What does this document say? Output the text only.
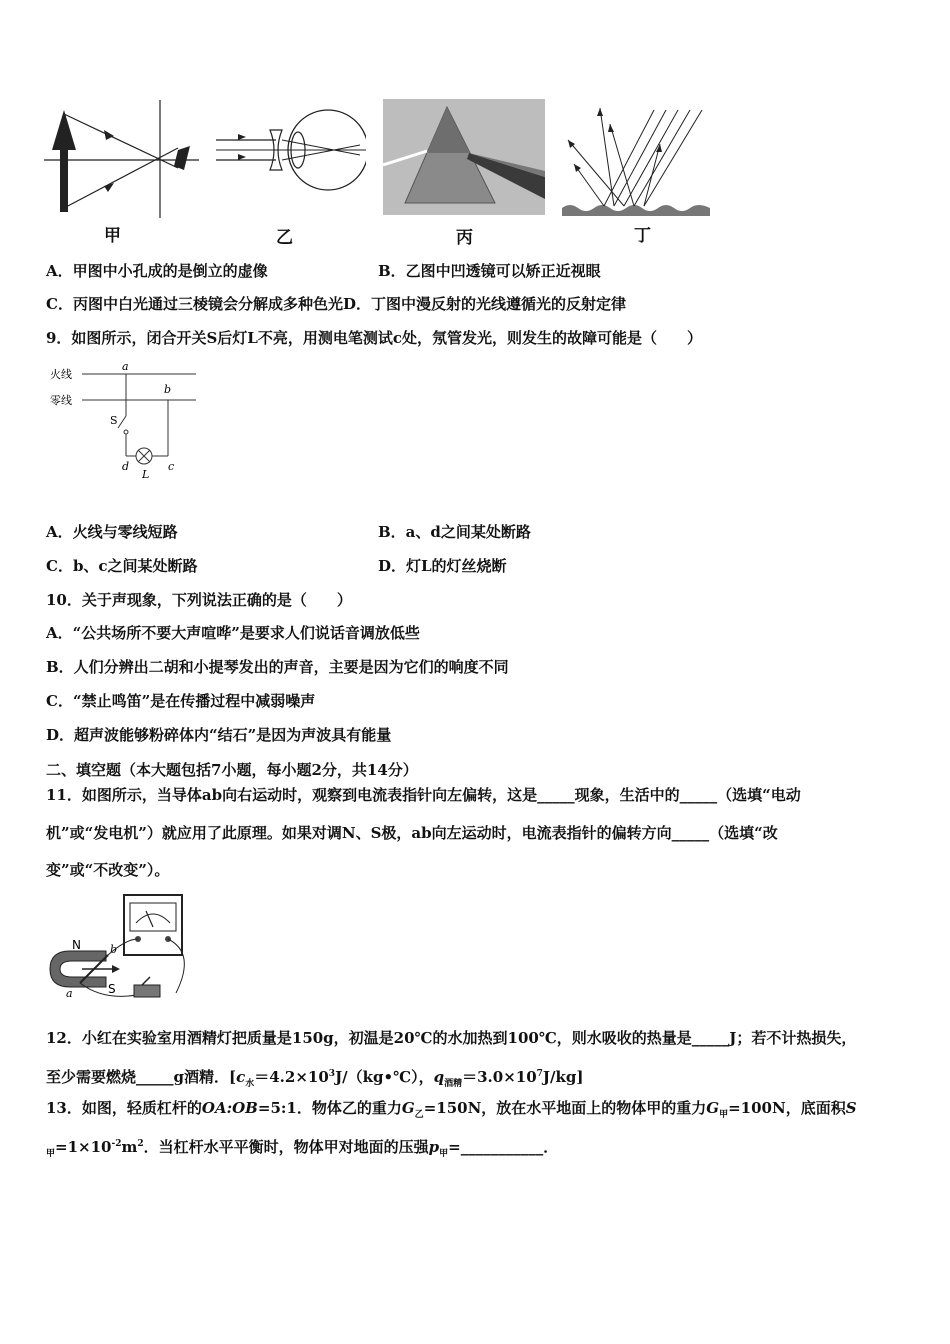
甲	乙	丙	丁
A．甲图中小孔成的是倒立的虚像	B．乙图中凹透镜可以矫正近视眼
C．丙图中白光通过三棱镜会分解成多种色光D．丁图中漫反射的光线遵循光的反射定律
9．如图所示，闭合开关S后灯L不亮，用测电笔测试c处，氖管发光，则发生的故障可能是（　　）
火线
零线
a
b
S
d	c
L
A．火线与零线短路	B．a、d之间某处断路
C．b、c之间某处断路	D．灯L的灯丝烧断
10．关于声现象，下列说法正确的是（　　）
A．“公共场所不要大声喧哗”是要求人们说话音调放低些
B．人们分辨出二胡和小提琴发出的声音，主要是因为它们的响度不同
C．“禁止鸣笛”是在传播过程中减弱噪声
D．超声波能够粉碎体内“结石”是因为声波具有能量
二、填空题（本大题包括7小题，每小题2分，共14分）
11．如图所示，当导体ab向右运动时，观察到电流表指针向左偏转，这是_____现象，生活中的_____（选填“电动
机”或“发电机”）就应用了此原理。如果对调N、S极，ab向左运动时，电流表指针的偏转方向_____（选填“改
变”或“不改变”）。
N
S
a
b
12．小红在实验室用酒精灯把质量是150g，初温是20℃的水加热到100℃，则水吸收的热量是_____J；若不计热损失，
至少需要燃烧_____g酒精．[$c_水=4.2\times 10^3J/(kg•℃)$，$q_{酒精}=3.0\times 10^7J/kg$]
13．如图，轻质杠杆的OA:OB=5:1．物体乙的重力$G_乙=150N$，放在水平地面上的物体甲的重力$G_甲=100N$，底面积S
$_甲=1\times 10^{-2}m^2$．当杠杆水平平衡时，物体甲对地面的压强$p_甲=\_\_\_\_\_\_\_\_\_\_\_$．
